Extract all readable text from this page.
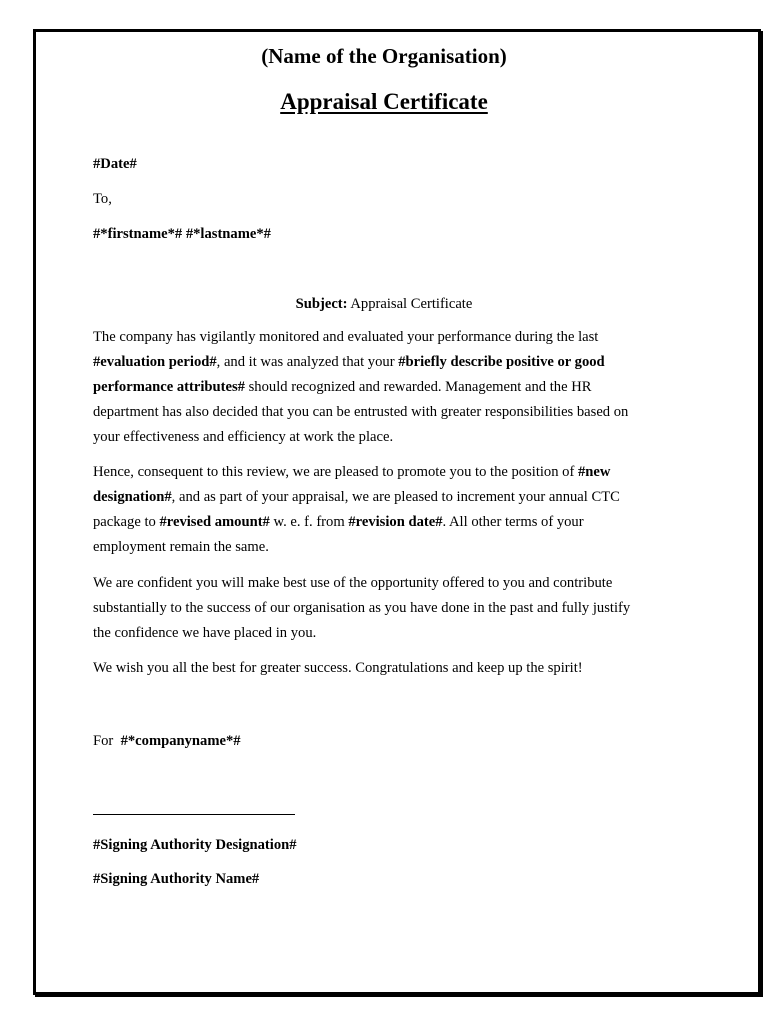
(Name of the Organisation)
Appraisal Certificate
#Date#
To,
#*firstname*# #*lastname*#
Subject: Appraisal Certificate
The company has vigilantly monitored and evaluated your performance during the last
#evaluation period#, and it was analyzed that your #briefly describe positive or good
performance attributes# should recognized and rewarded. Management and the HR
department has also decided that you can be entrusted with greater responsibilities based on
your effectiveness and efficiency at work the place.
Hence, consequent to this review, we are pleased to promote you to the position of #new
designation#, and as part of your appraisal, we are pleased to increment your annual CTC
package to #revised amount# w. e. f. from #revision date#. All other terms of your
employment remain the same.
We are confident you will make best use of the opportunity offered to you and contribute
substantially to the success of our organisation as you have done in the past and fully justify
the confidence we have placed in you.
We wish you all the best for greater success. Congratulations and keep up the spirit!
For #*companyname*#
#Signing Authority Designation#
#Signing Authority Name#
